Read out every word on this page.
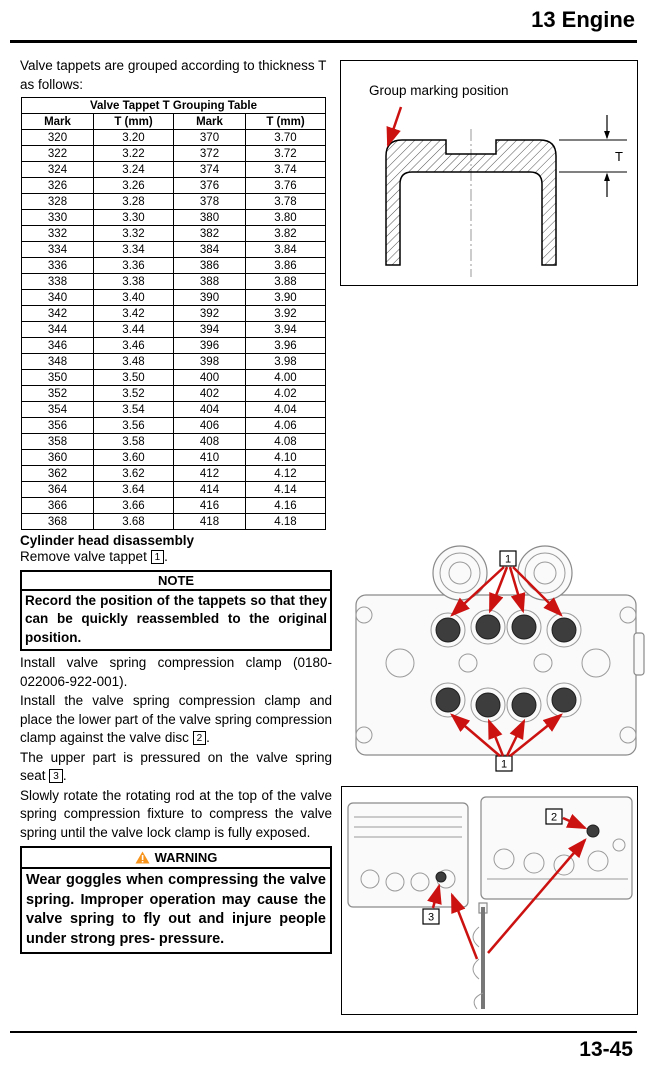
13 Engine

Valve tappets are grouped according to thickness T as follows:

Valve Tappet T Grouping Table			
Mark	T (mm)	Mark	T (mm)
320	3.20	370	3.70
322	3.22	372	3.72
324	3.24	374	3.74
326	3.26	376	3.76
328	3.28	378	3.78
330	3.30	380	3.80
332	3.32	382	3.82
334	3.34	384	3.84
336	3.36	386	3.86
338	3.38	388	3.88
340	3.40	390	3.90
342	3.42	392	3.92
344	3.44	394	3.94
346	3.46	396	3.96
348	3.48	398	3.98
350	3.50	400	4.00
352	3.52	402	4.02
354	3.54	404	4.04
356	3.56	406	4.06
358	3.58	408	4.08
360	3.60	410	4.10
362	3.62	412	4.12
364	3.64	414	4.14
366	3.66	416	4.16
368	3.68	418	4.18
Cylinder head disassembly

Remove valve tappet 1 .

NOTE
Record the position of the tappets so that they can be quickly reassembled to the original position.

Install valve spring compression clamp (0180-022006-922-001).

Install the valve spring compression clamp and place the lower part of the valve spring compression clamp against the valve disc 2 .

The upper part is pressured on the valve spring seat 3 .

Slowly rotate the rotating rod at the top of the valve spring compression fixture to compress the valve spring until the valve lock clamp is fully exposed.

WARNING
Wear goggles when compressing the valve spring. Improper operation may cause the valve spring to fly out and injure people under strong pres- pressure.
T
Group marking position
1
1
2
3
13-45
